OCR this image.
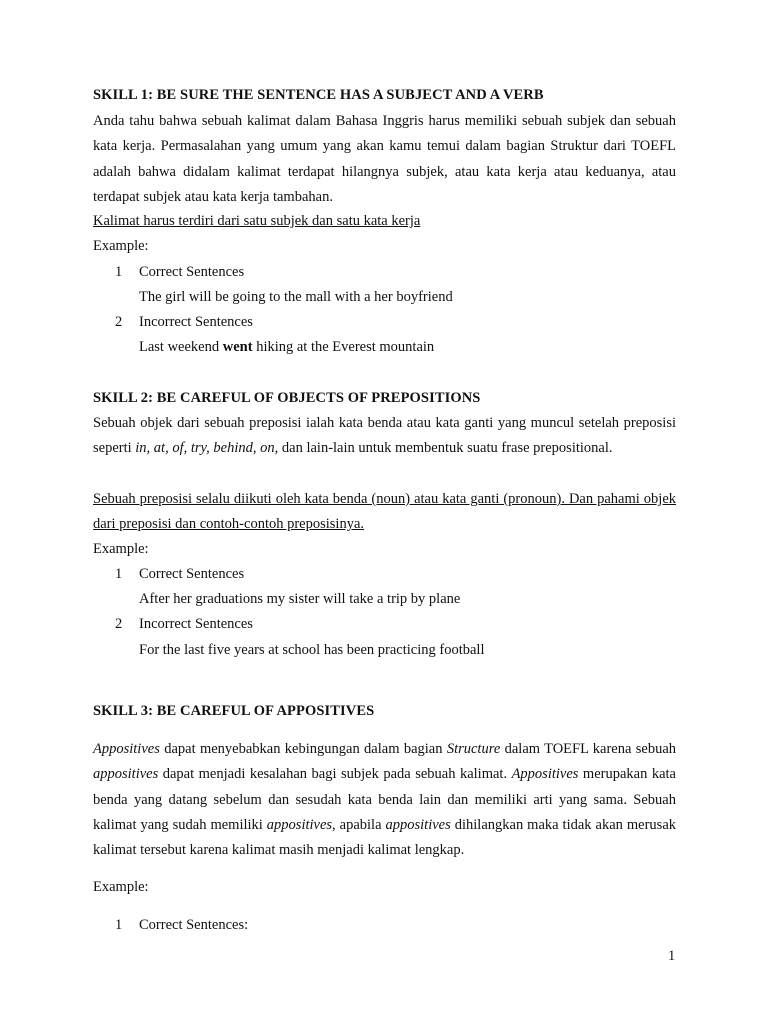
SKILL 1: BE SURE THE SENTENCE HAS A SUBJECT AND A VERB

Anda tahu bahwa sebuah kalimat dalam Bahasa Inggris harus memiliki sebuah subjek dan sebuah kata kerja. Permasalahan yang umum yang akan kamu temui dalam bagian Struktur dari TOEFL adalah bahwa didalam kalimat terdapat hilangnya subjek, atau kata kerja atau keduanya, atau terdapat subjek atau kata kerja tambahan.

Kalimat harus terdiri dari satu subjek dan satu kata kerja
Example:
1 Correct Sentences
The girl will be going to the mall with a her boyfriend
2 Incorrect Sentences
Last weekend went hiking at the Everest mountain
SKILL 2: BE CAREFUL OF OBJECTS OF PREPOSITIONS

Sebuah objek dari sebuah preposisi ialah kata benda atau kata ganti yang muncul setelah preposisi seperti in, at, of, try, behind, on, dan lain-lain untuk membentuk suatu frase prepositional.

Sebuah preposisi selalu diikuti oleh kata benda (noun) atau kata ganti (pronoun). Dan pahami objek dari preposisi dan contoh-contoh preposisinya.

Example:
1 Correct Sentences
After her graduations my sister will take a trip by plane
2 Incorrect Sentences
For the last five years at school has been practicing football
SKILL 3: BE CAREFUL OF APPOSITIVES

Appositives dapat menyebabkan kebingungan dalam bagian Structure dalam TOEFL karena sebuah appositives dapat menjadi kesalahan bagi subjek pada sebuah kalimat. Appositives merupakan kata benda yang datang sebelum dan sesudah kata benda lain dan memiliki arti yang sama. Sebuah kalimat yang sudah memiliki appositives, apabila appositives dihilangkan maka tidak akan merusak kalimat tersebut karena kalimat masih menjadi kalimat lengkap.

Example:
1 Correct Sentences:
1
